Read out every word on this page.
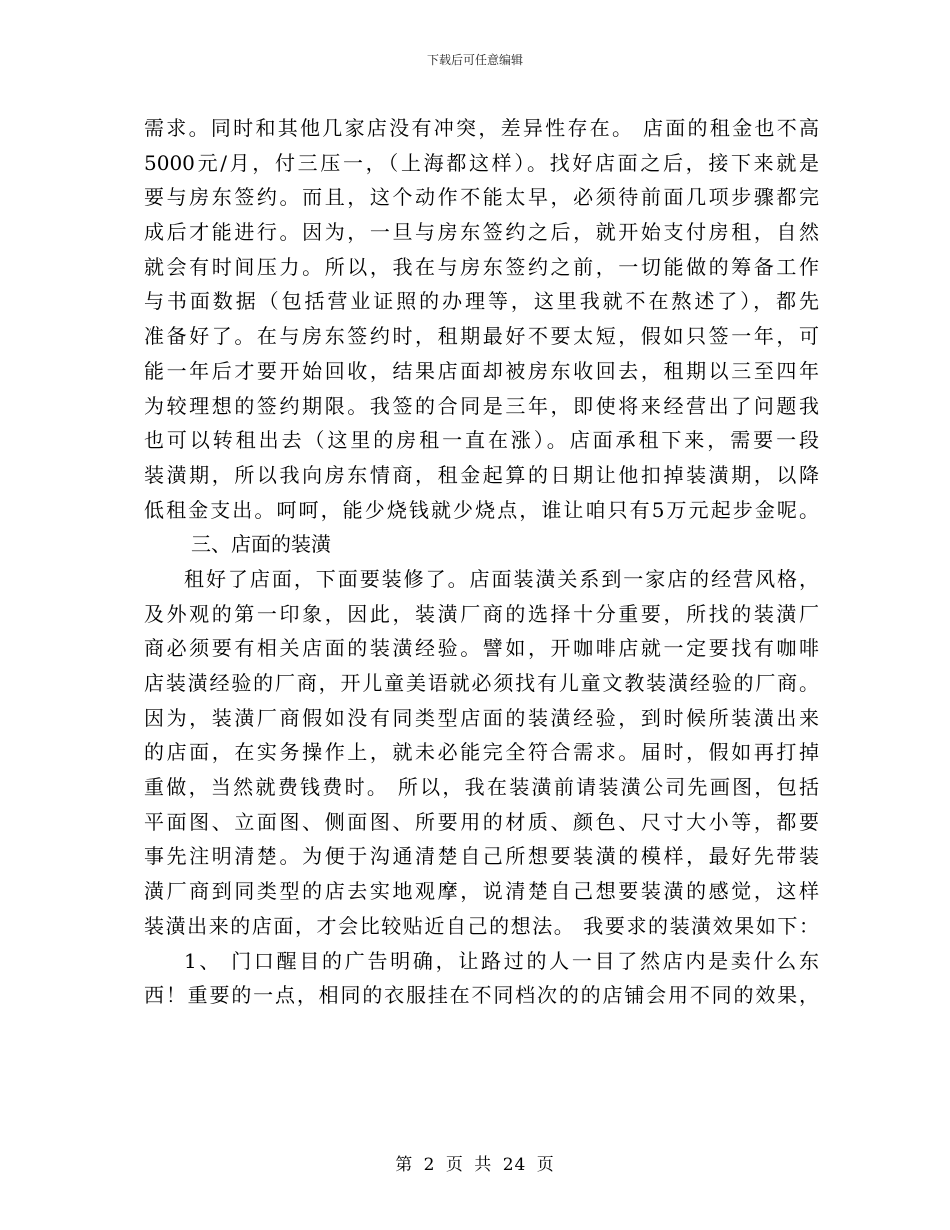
下载后可任意编辑
需求。同时和其他几家店没有冲突，差异性存在。 店面的租金也不高
5000元/月，付三压一，（上海都这样）。找好店面之后，接下来就是
要与房东签约。而且，这个动作不能太早，必须待前面几项步骤都完
成后才能进行。因为，一旦与房东签约之后，就开始支付房租，自然
就会有时间压力。所以，我在与房东签约之前，一切能做的筹备工作
与书面数据（包括营业证照的办理等，这里我就不在熬述了），都先
准备好了。在与房东签约时，租期最好不要太短，假如只签一年，可
能一年后才要开始回收，结果店面却被房东收回去，租期以三至四年
为较理想的签约期限。我签的合同是三年，即使将来经营出了问题我
也可以转租出去（这里的房租一直在涨）。店面承租下来，需要一段
装潢期，所以我向房东情商，租金起算的日期让他扣掉装潢期，以降
低租金支出。呵呵，能少烧钱就少烧点，谁让咱只有5万元起步金呢。
三、店面的装潢
租好了店面，下面要装修了。店面装潢关系到一家店的经营风格，
及外观的第一印象，因此，装潢厂商的选择十分重要，所找的装潢厂
商必须要有相关店面的装潢经验。譬如，开咖啡店就一定要找有咖啡
店装潢经验的厂商，开儿童美语就必须找有儿童文教装潢经验的厂商。
因为，装潢厂商假如没有同类型店面的装潢经验，到时候所装潢出来
的店面，在实务操作上，就未必能完全符合需求。届时，假如再打掉
重做，当然就费钱费时。 所以，我在装潢前请装潢公司先画图，包括
平面图、立面图、侧面图、所要用的材质、颜色、尺寸大小等，都要
事先注明清楚。为便于沟通清楚自己所想要装潢的模样，最好先带装
潢厂商到同类型的店去实地观摩，说清楚自己想要装潢的感觉，这样
装潢出来的店面，才会比较贴近自己的想法。 我要求的装潢效果如下：
1、 门口醒目的广告明确，让路过的人一目了然店内是卖什么东
西！重要的一点，相同的衣服挂在不同档次的的店铺会用不同的效果，
第 2 页 共 24 页
